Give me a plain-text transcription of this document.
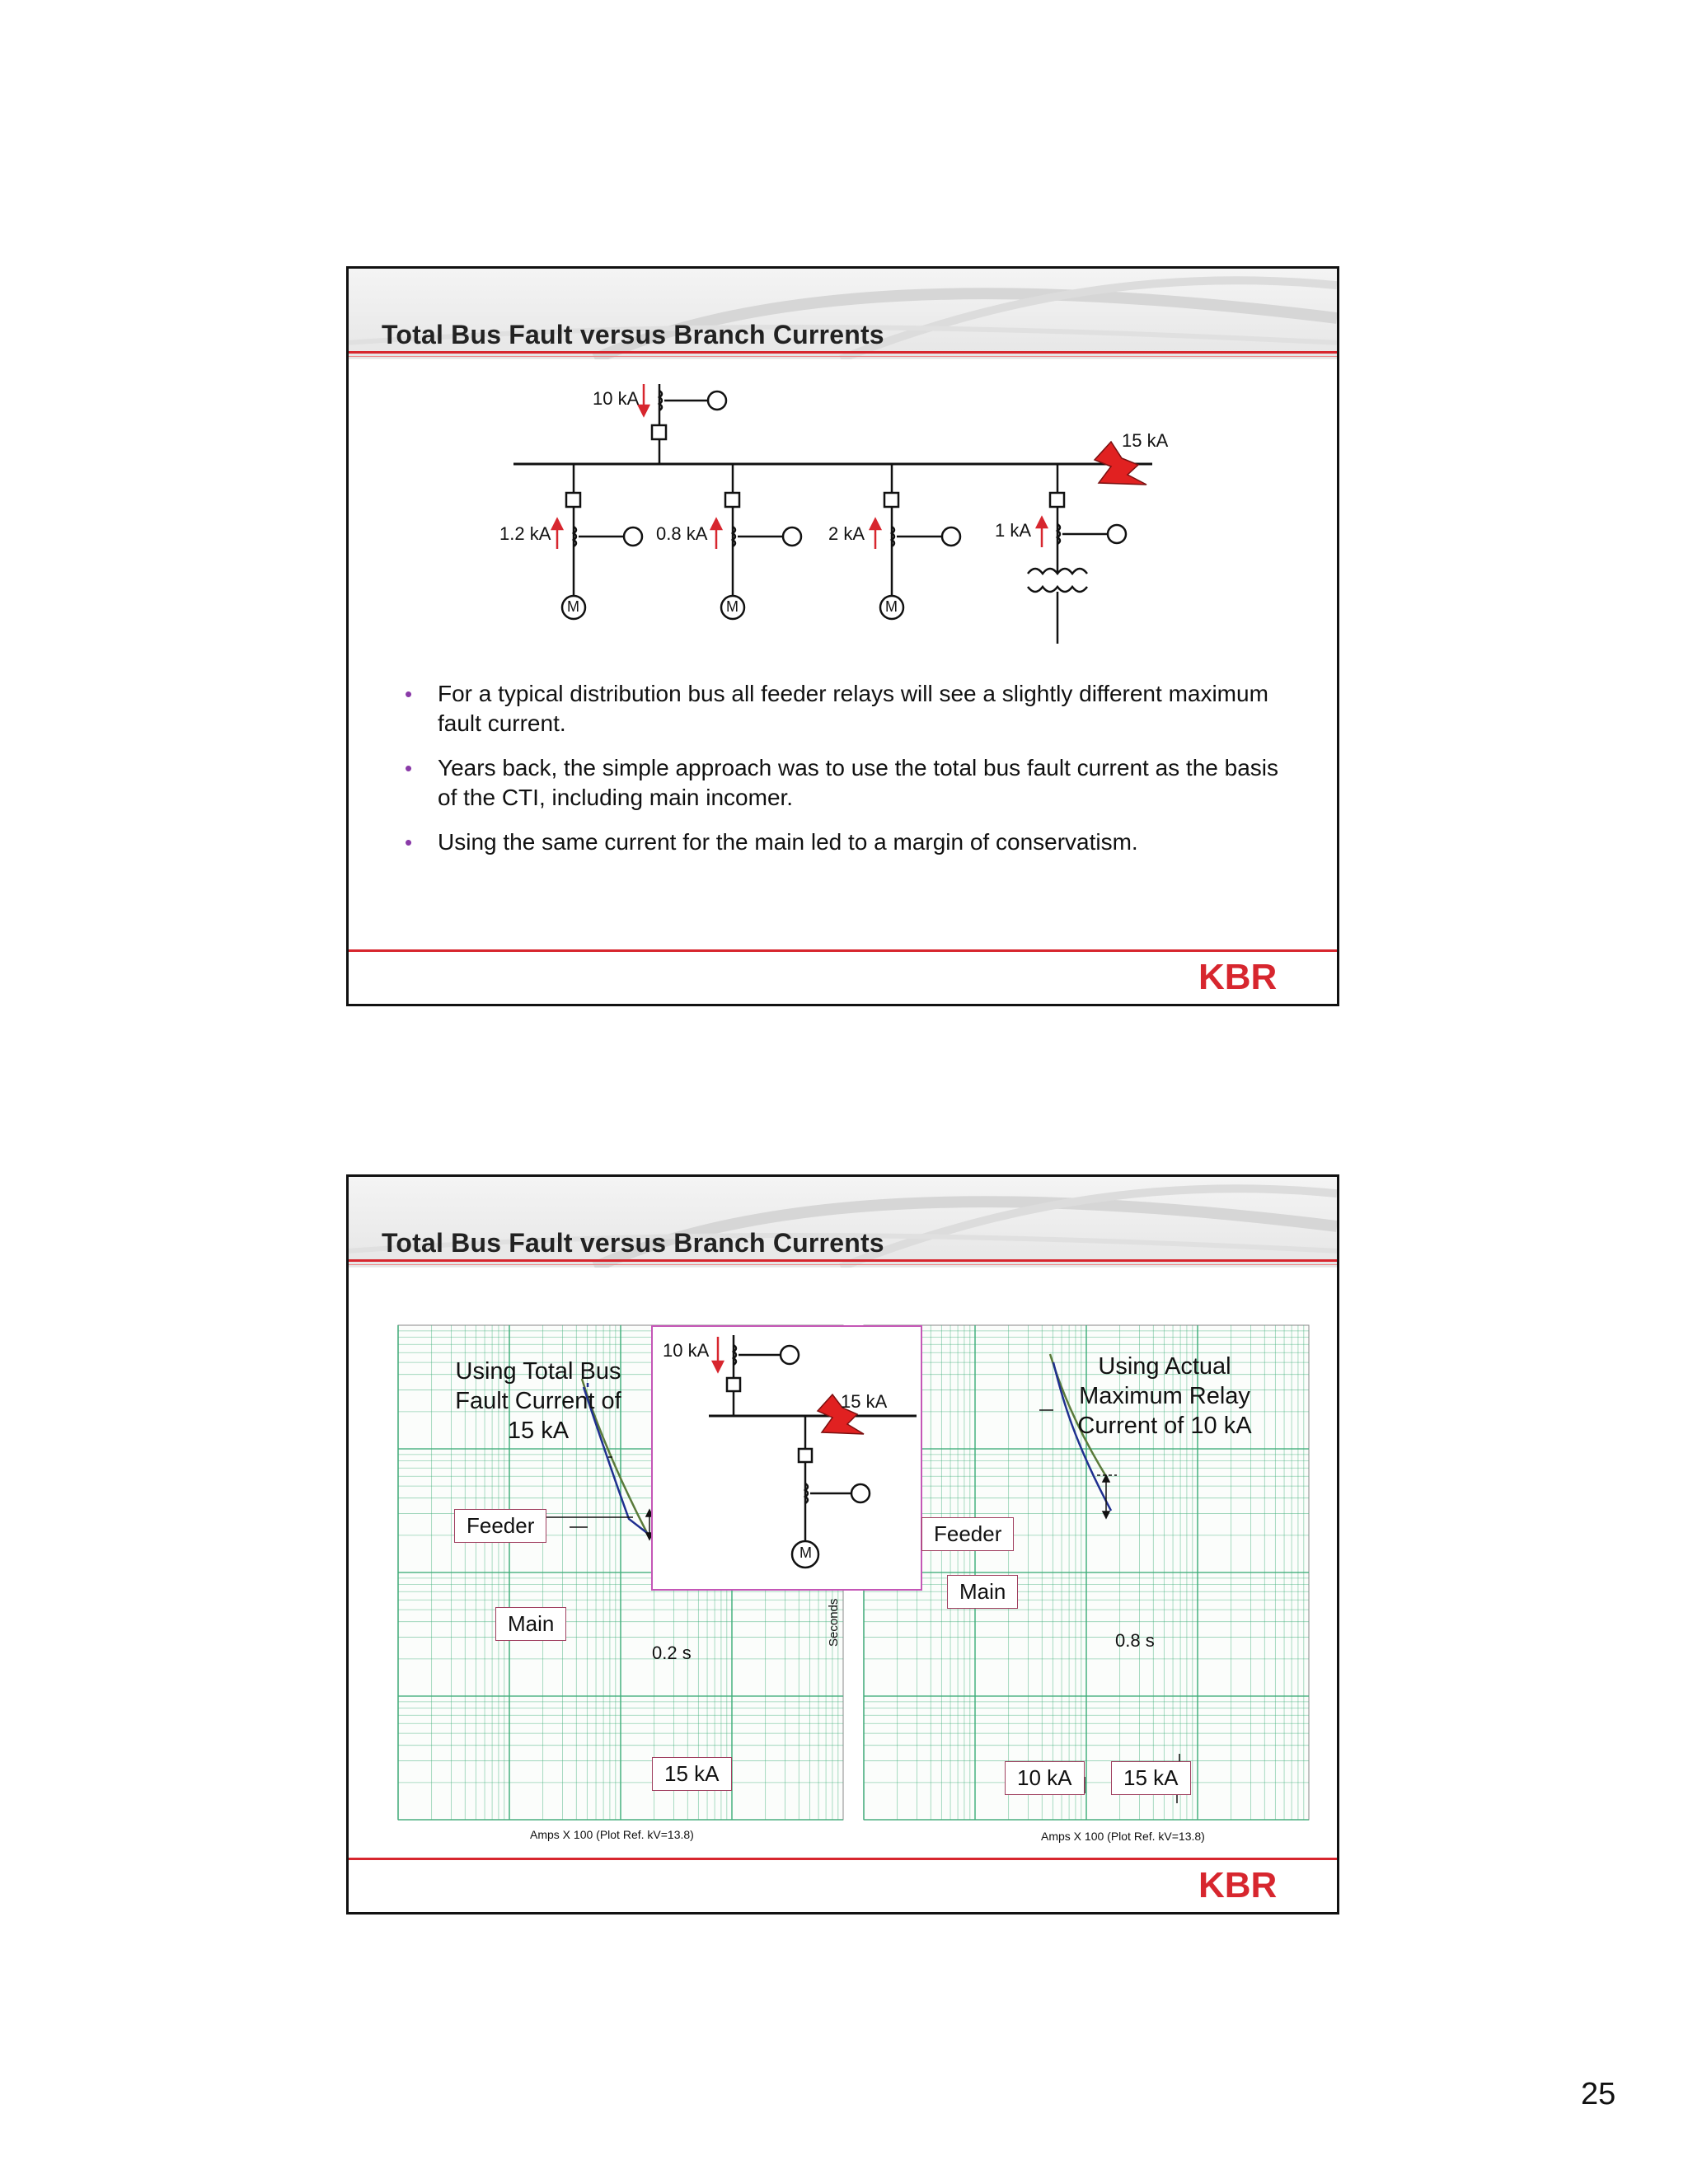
Total Bus Fault versus Branch Currents
10 kA
15 kA
1.2 kA	0.8 kA	2 kA	1 kA
M	M	M
• For a typical distribution bus all feeder relays will see a slightly different maximum fault current.
• Years back, the simple approach was to use the total bus fault current as the basis of the CTI, including main incomer.
• Using the same current for the main led to a margin of conservatism.
KBR
Total Bus Fault versus Branch Currents
10 kA
15 kA
M
Using Total Bus
Fault Current of
15 kA
Feeder
Main
0.2 s
15 kA
Amps X 100 (Plot Ref. kV=13.8)
Using Actual
Maximum Relay
Current of 10 kA
Feeder
Main
0.8 s
10 kA	15 kA
Amps X 100 (Plot Ref. kV=13.8)
Seconds
KBR
25
